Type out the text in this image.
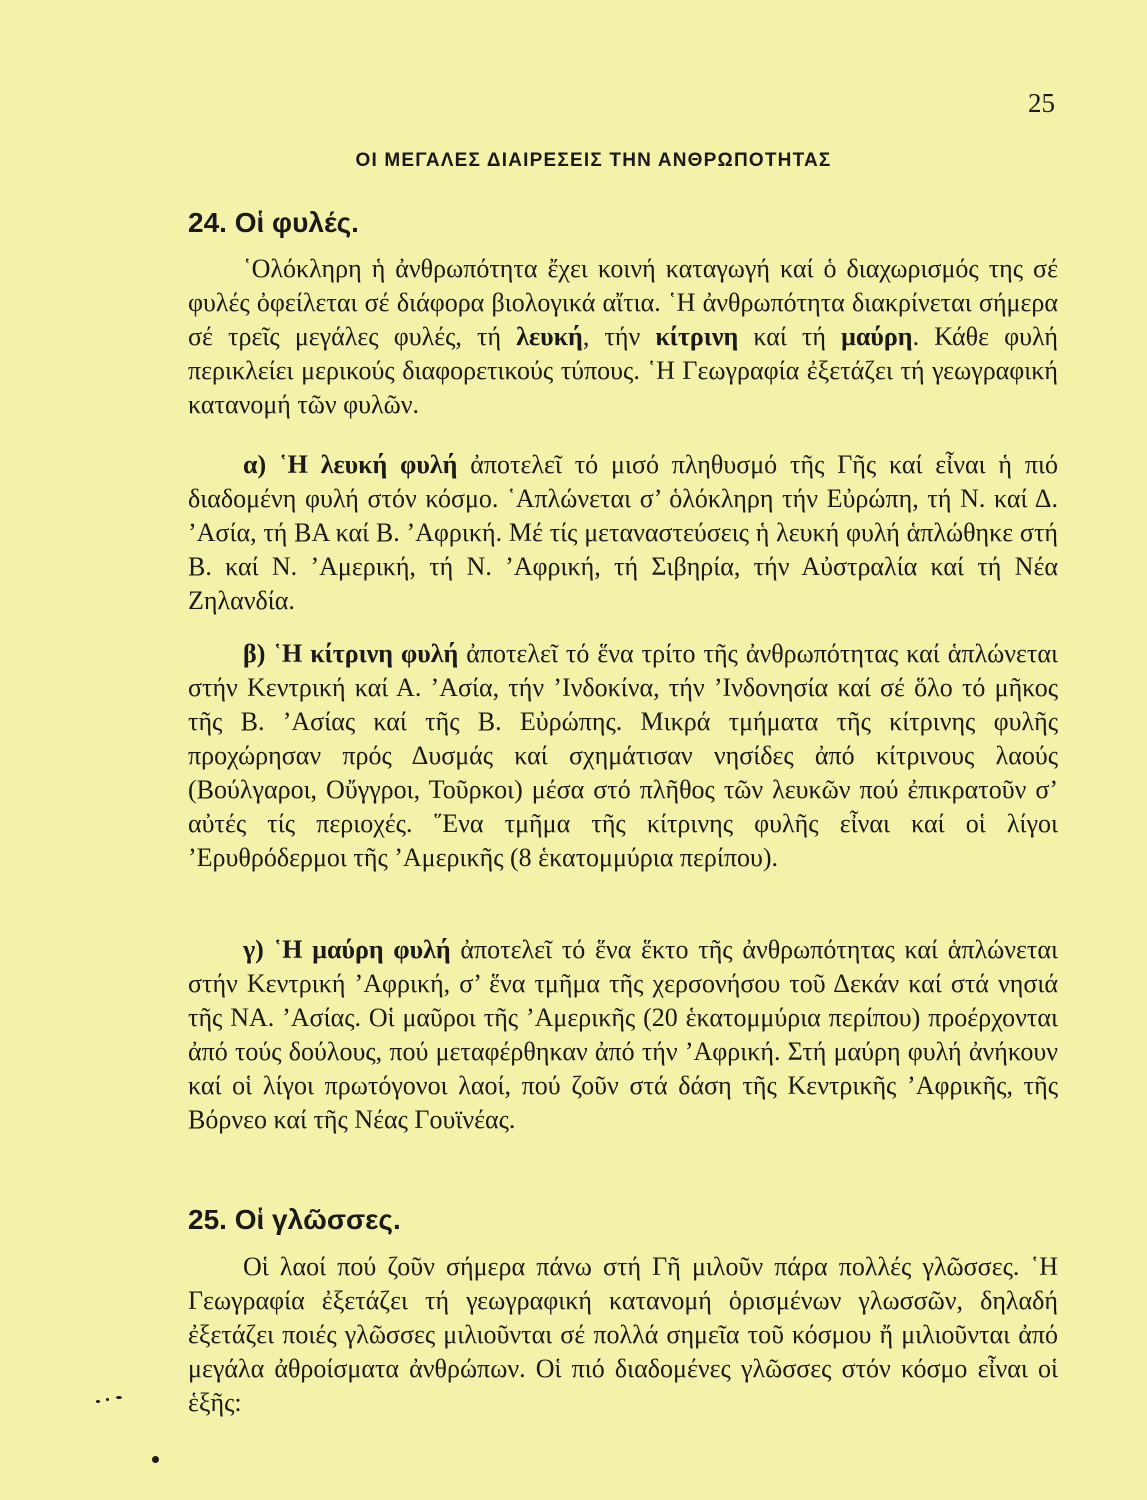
25
ΟΙ ΜΕΓΑΛΕΣ ΔΙΑΙΡΕΣΕΙΣ ΤΗΝ ΑΝΘΡΩΠΟΤΗΤΑΣ
24. Οἱ φυλές.

῾Ολόκληρη ἡ ἀνθρωπότητα ἔχει κοινή καταγωγή καί ὁ διαχωρισμός της σέ φυλές ὀφείλεται σέ διάφορα βιολογικά αἴτια. ῾Η ἀνθρωπότητα διακρίνεται σήμερα σέ τρεῖς μεγάλες φυλές, τή λευκή, τήν κίτρινη καί τή μαύρη. Κάθε φυλή περικλείει μερικούς διαφορετικούς τύπους. ῾Η Γεωγραφία ἐξετάζει τή γεωγραφική κατανομή τῶν φυλῶν.

α) ῾Η λευκή φυλή ἀποτελεῖ τό μισό πληθυσμό τῆς Γῆς καί εἶναι ἡ πιό διαδομένη φυλή στόν κόσμο. ῾Απλώνεται σ’ ὁλόκληρη τήν Εὐρώπη, τή Ν. καί Δ. ’Ασία, τή ΒΑ καί Β. ’Αφρική. Μέ τίς μεταναστεύσεις ἡ λευκή φυλή ἁπλώθηκε στή Β. καί Ν. ’Αμερική, τή Ν. ’Αφρική, τή Σιβηρία, τήν Αὐστραλία καί τή Νέα Ζηλανδία.

β) ῾Η κίτρινη φυλή ἀποτελεῖ τό ἕνα τρίτο τῆς ἀνθρωπότητας καί ἁπλώνεται στήν Κεντρική καί Α. ’Ασία, τήν ’Ινδοκίνα, τήν ’Ινδονησία καί σέ ὅλο τό μῆκος τῆς Β. ’Ασίας καί τῆς Β. Εὐρώπης. Μικρά τμήματα τῆς κίτρινης φυλῆς προχώρησαν πρός Δυσμάς καί σχημάτισαν νησίδες ἀπό κίτρινους λαούς (Βούλγαροι, Οὔγγροι, Τοῦρκοι) μέσα στό πλῆθος τῶν λευκῶν πού ἐπικρατοῦν σ’ αὐτές τίς περιοχές. ῞Ενα τμῆμα τῆς κίτρινης φυλῆς εἶναι καί οἱ λίγοι ’Ερυθρόδερμοι τῆς ’Αμερικῆς (8 ἑκατομμύρια περίπου).

γ) ῾Η μαύρη φυλή ἀποτελεῖ τό ἕνα ἕκτο τῆς ἀνθρωπότητας καί ἁπλώνεται στήν Κεντρική ’Αφρική, σ’ ἕνα τμῆμα τῆς χερσονήσου τοῦ Δεκάν καί στά νησιά τῆς ΝΑ. ’Ασίας. Οἱ μαῦροι τῆς ’Αμερικῆς (20 ἑκατομμύρια περίπου) προέρχονται ἀπό τούς δούλους, πού μεταφέρθηκαν ἀπό τήν ’Αφρική. Στή μαύρη φυλή ἀνήκουν καί οἱ λίγοι πρωτόγονοι λαοί, πού ζοῦν στά δάση τῆς Κεντρικῆς ’Αφρικῆς, τῆς Βόρνεο καί τῆς Νέας Γουϊνέας.

25. Οἱ γλῶσσες.

Οἱ λαοί πού ζοῦν σήμερα πάνω στή Γῆ μιλοῦν πάρα πολλές γλῶσσες. ῾Η Γεωγραφία ἐξετάζει τή γεωγραφική κατανομή ὁρισμένων γλωσσῶν, δηλαδή ἐξετάζει ποιές γλῶσσες μιλιοῦνται σέ πολλά σημεῖα τοῦ κόσμου ἤ μιλιοῦνται ἀπό μεγάλα ἀθροίσματα ἀνθρώπων. Οἱ πιό διαδομένες γλῶσσες στόν κόσμο εἶναι οἱ ἑξῆς:
